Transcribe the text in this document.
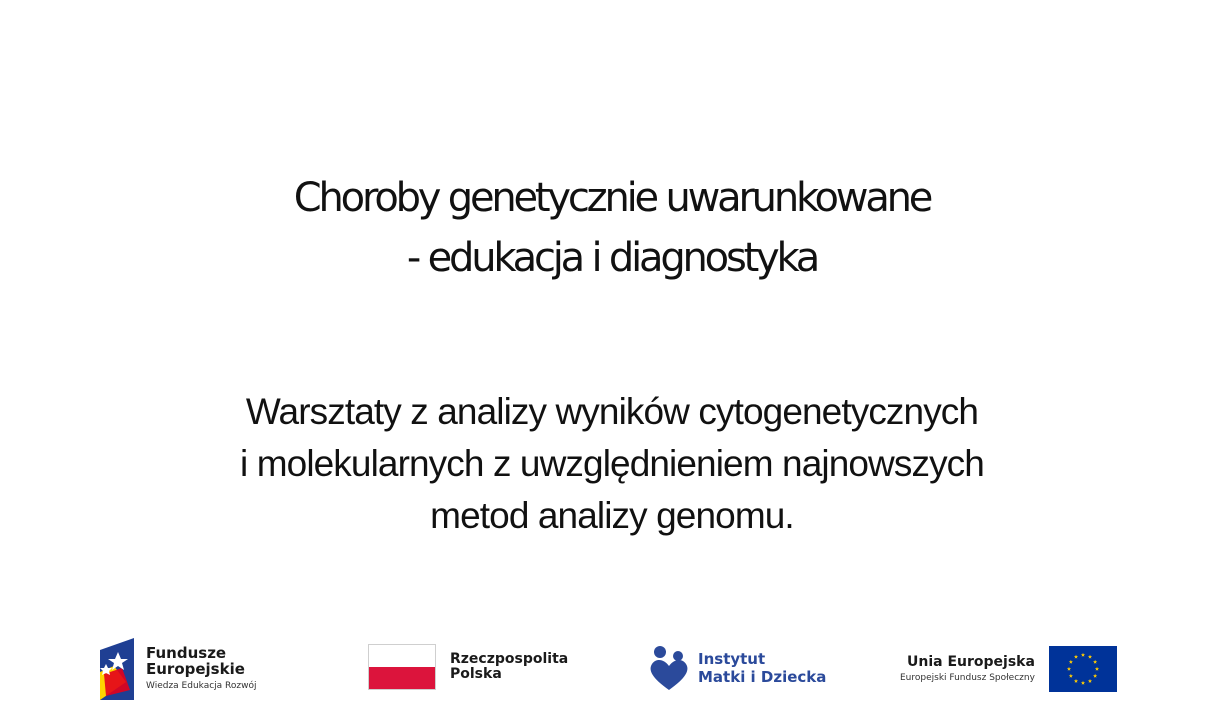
Choroby genetycznie uwarunkowane
- edukacja i diagnostyka
Warsztaty z analizy wyników cytogenetycznych
i molekularnych z uwzględnieniem najnowszych
metod analizy genomu.
Fundusze
Europejskie
Wiedza Edukacja Rozwój
Rzeczpospolita
Polska
Instytut
Matki i Dziecka
Unia Europejska
Europejski Fundusz Społeczny
